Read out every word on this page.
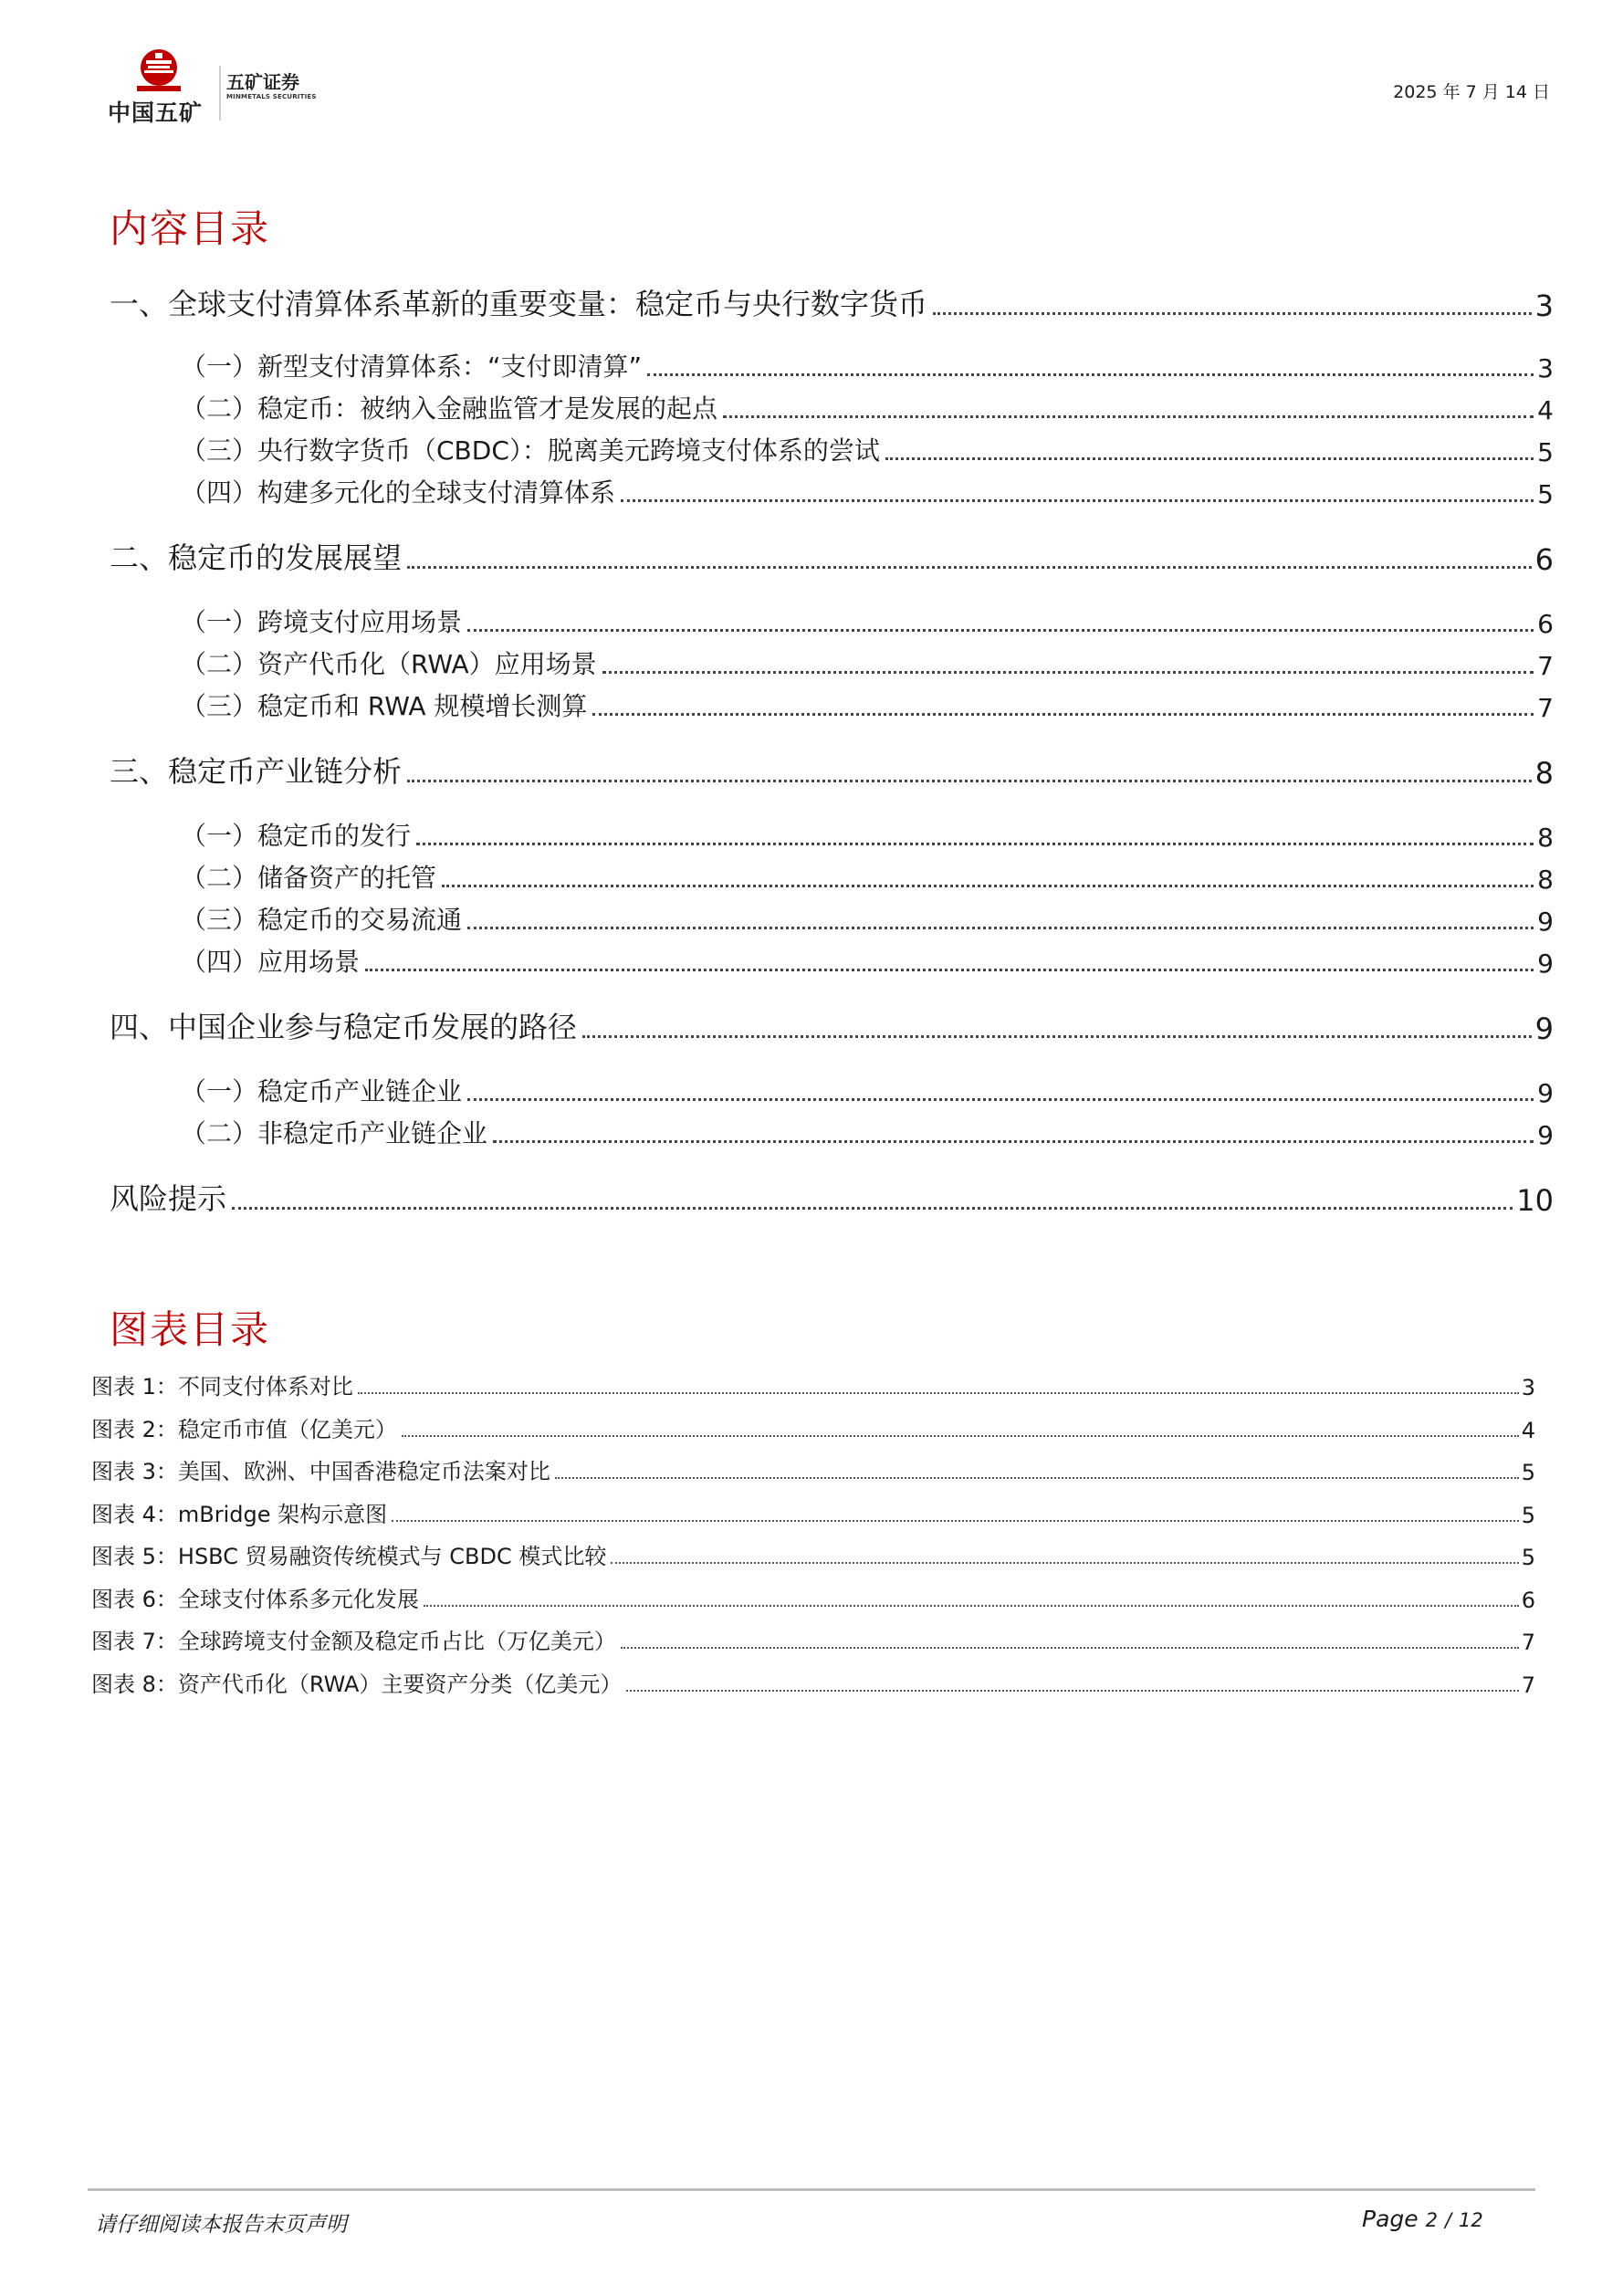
中国五矿
五矿证券
MINMETALS SECURITIES	2025 年 7 月 14 日
内容目录
一、全球支付清算体系革新的重要变量：稳定币与央行数字货币	3
（一）新型支付清算体系：“支付即清算”	3
（二）稳定币：被纳入金融监管才是发展的起点	4
（三）央行数字货币（CBDC）：脱离美元跨境支付体系的尝试	5
（四）构建多元化的全球支付清算体系	5
二、稳定币的发展展望	6
（一）跨境支付应用场景	6
（二）资产代币化（RWA）应用场景	7
（三）稳定币和 RWA 规模增长测算	7
三、稳定币产业链分析	8
（一）稳定币的发行	8
（二）储备资产的托管	8
（三）稳定币的交易流通	9
（四）应用场景	9
四、中国企业参与稳定币发展的路径	9
（一）稳定币产业链企业	9
（二）非稳定币产业链企业	9
风险提示	10
图表目录
图表 1：不同支付体系对比	3
图表 2：稳定币市值（亿美元）	4
图表 3：美国、欧洲、中国香港稳定币法案对比	5
图表 4：mBridge 架构示意图	5
图表 5：HSBC 贸易融资传统模式与 CBDC 模式比较	5
图表 6：全球支付体系多元化发展	6
图表 7：全球跨境支付金额及稳定币占比（万亿美元）	7
图表 8：资产代币化（RWA）主要资产分类（亿美元）	7
请仔细阅读本报告末页声明	Page 2 / 12
